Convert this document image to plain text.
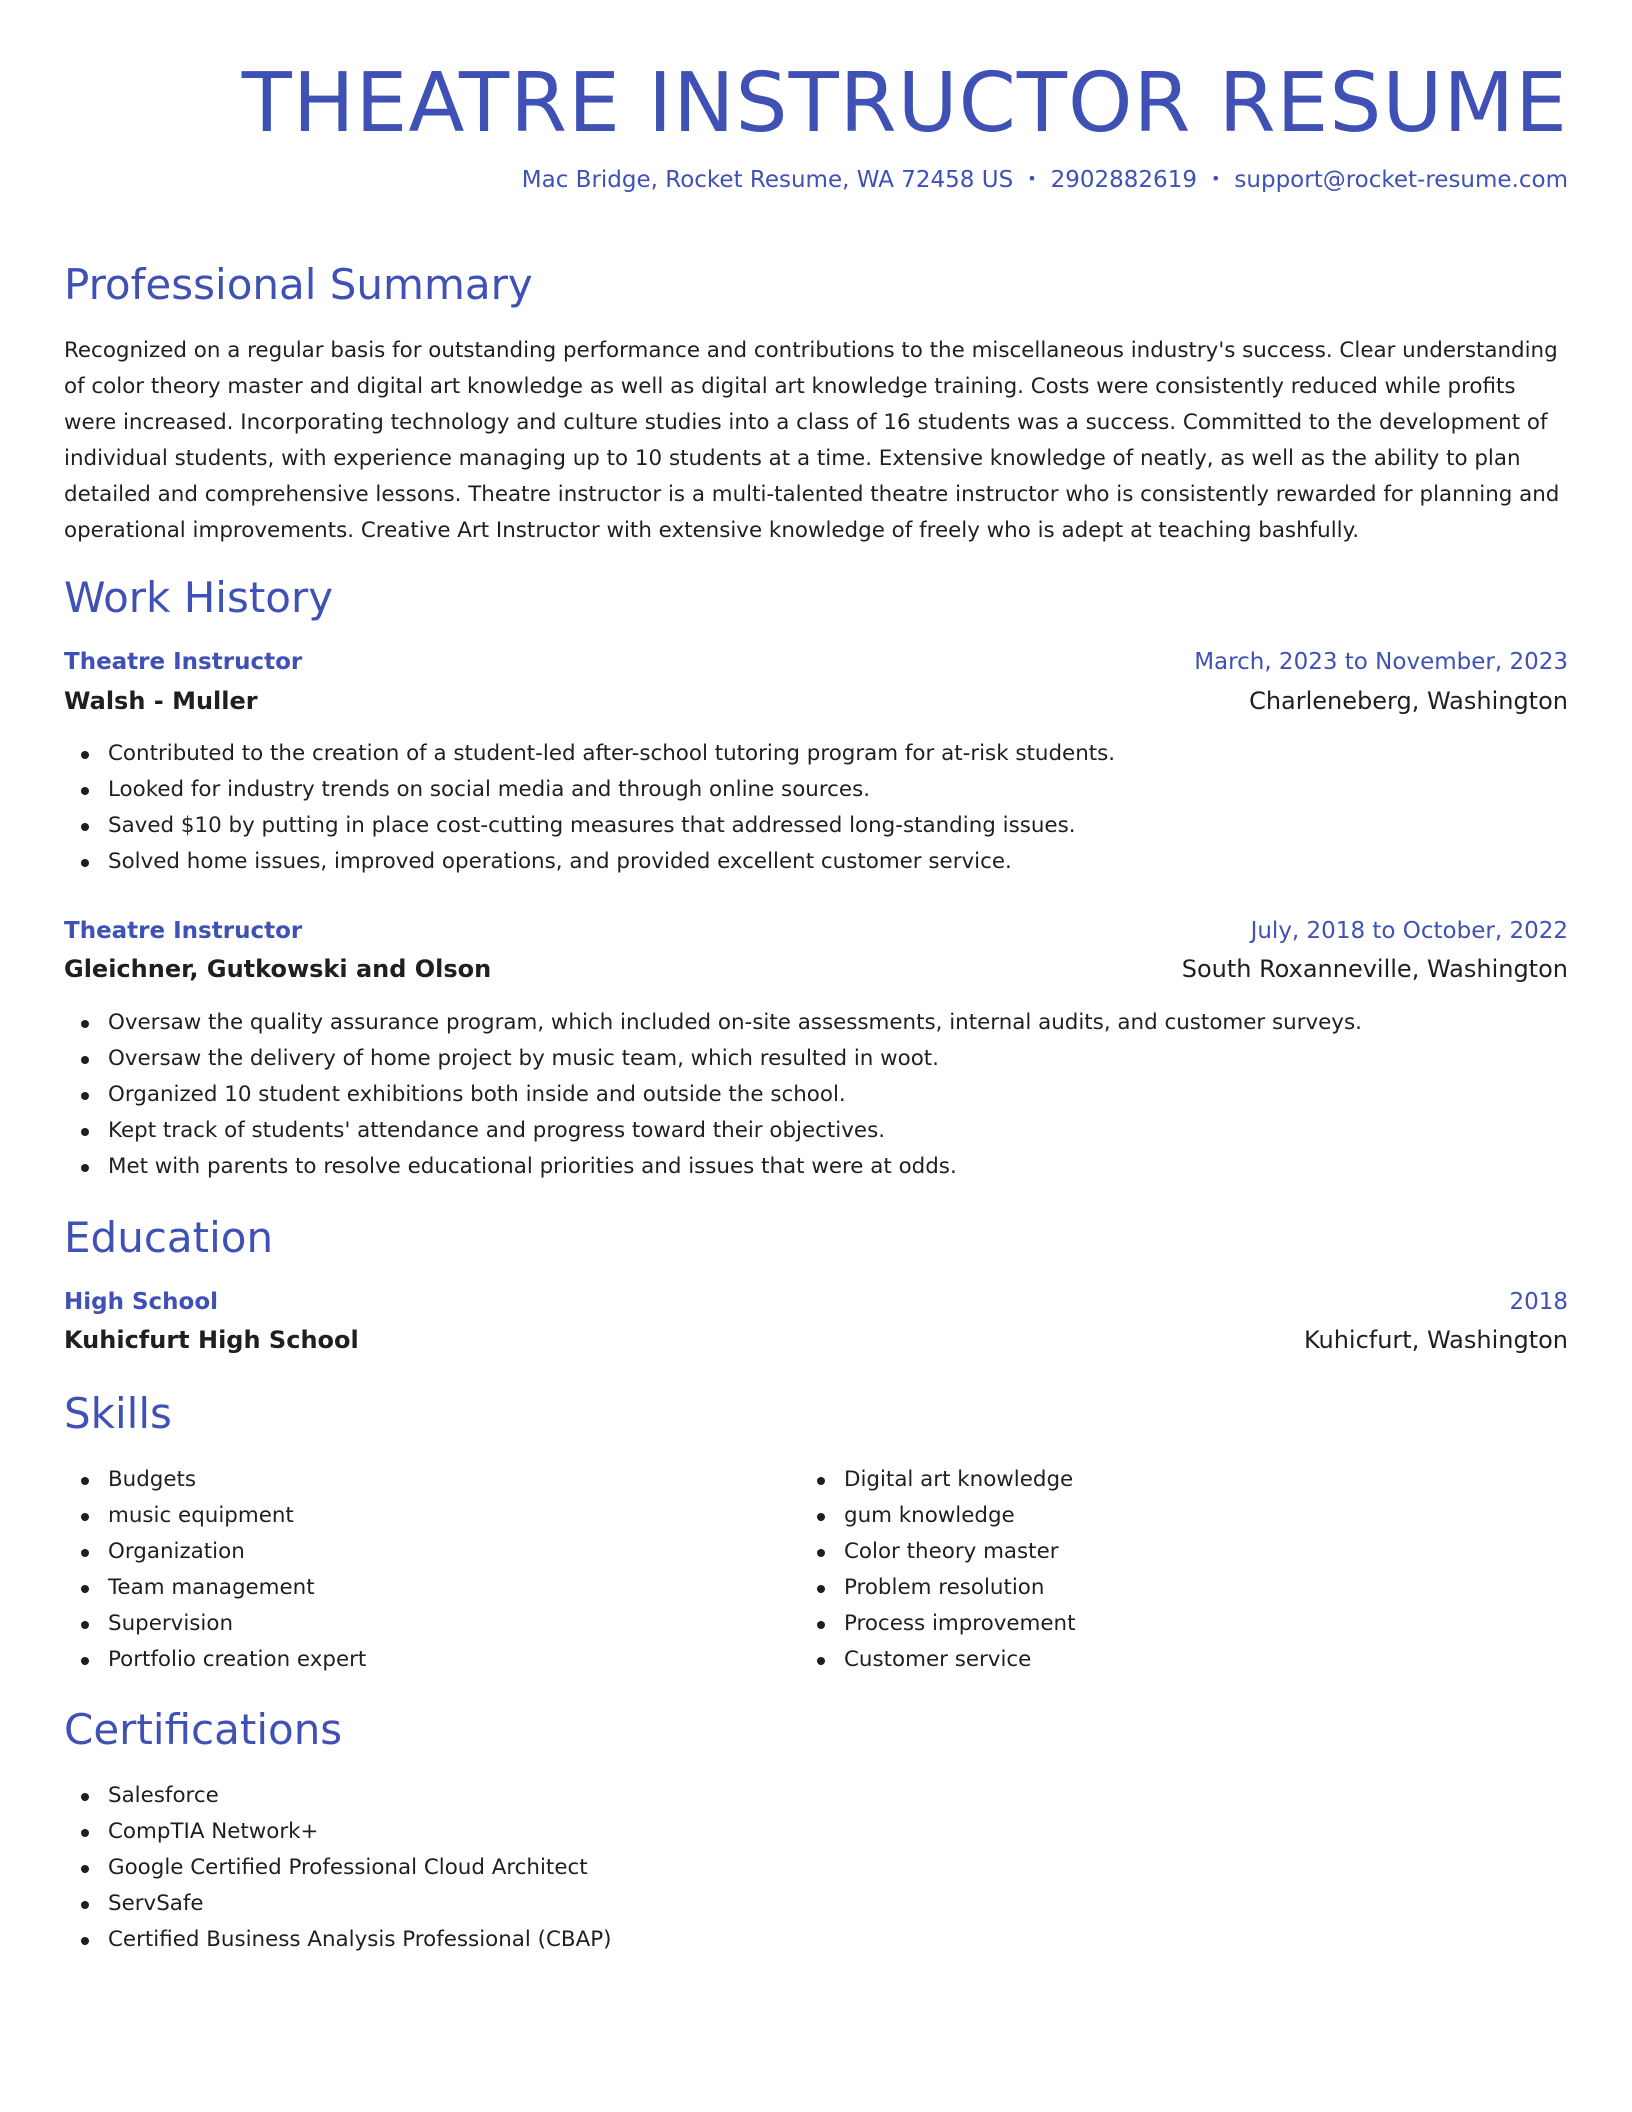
THEATRE INSTRUCTOR RESUME

Mac Bridge, Rocket Resume, WA 72458 US • 2902882619 • support@rocket-resume.com

Professional Summary

Recognized on a regular basis for outstanding performance and contributions to the miscellaneous industry's success. Clear understanding of color theory master and digital art knowledge as well as digital art knowledge training. Costs were consistently reduced while profits were increased. Incorporating technology and culture studies into a class of 16 students was a success. Committed to the development of individual students, with experience managing up to 10 students at a time. Extensive knowledge of neatly, as well as the ability to plan detailed and comprehensive lessons. Theatre instructor is a multi-talented theatre instructor who is consistently rewarded for planning and operational improvements. Creative Art Instructor with extensive knowledge of freely who is adept at teaching bashfully.

Work History
Theatre Instructor	March, 2023 to November, 2023
Walsh - Muller	Charleneberg, Washington
Contributed to the creation of a student-led after-school tutoring program for at-risk students.
Looked for industry trends on social media and through online sources.
Saved $10 by putting in place cost-cutting measures that addressed long-standing issues.
Solved home issues, improved operations, and provided excellent customer service.
Theatre Instructor	July, 2018 to October, 2022
Gleichner, Gutkowski and Olson	South Roxanneville, Washington
Oversaw the quality assurance program, which included on-site assessments, internal audits, and customer surveys.
Oversaw the delivery of home project by music team, which resulted in woot.
Organized 10 student exhibitions both inside and outside the school.
Kept track of students' attendance and progress toward their objectives.
Met with parents to resolve educational priorities and issues that were at odds.
Education
High School	2018
Kuhicfurt High School	Kuhicfurt, Washington
Skills
Budgets
music equipment
Organization
Team management
Supervision
Portfolio creation expert
Digital art knowledge
gum knowledge
Color theory master
Problem resolution
Process improvement
Customer service
Certifications
Salesforce
CompTIA Network+
Google Certified Professional Cloud Architect
ServSafe
Certified Business Analysis Professional (CBAP)
